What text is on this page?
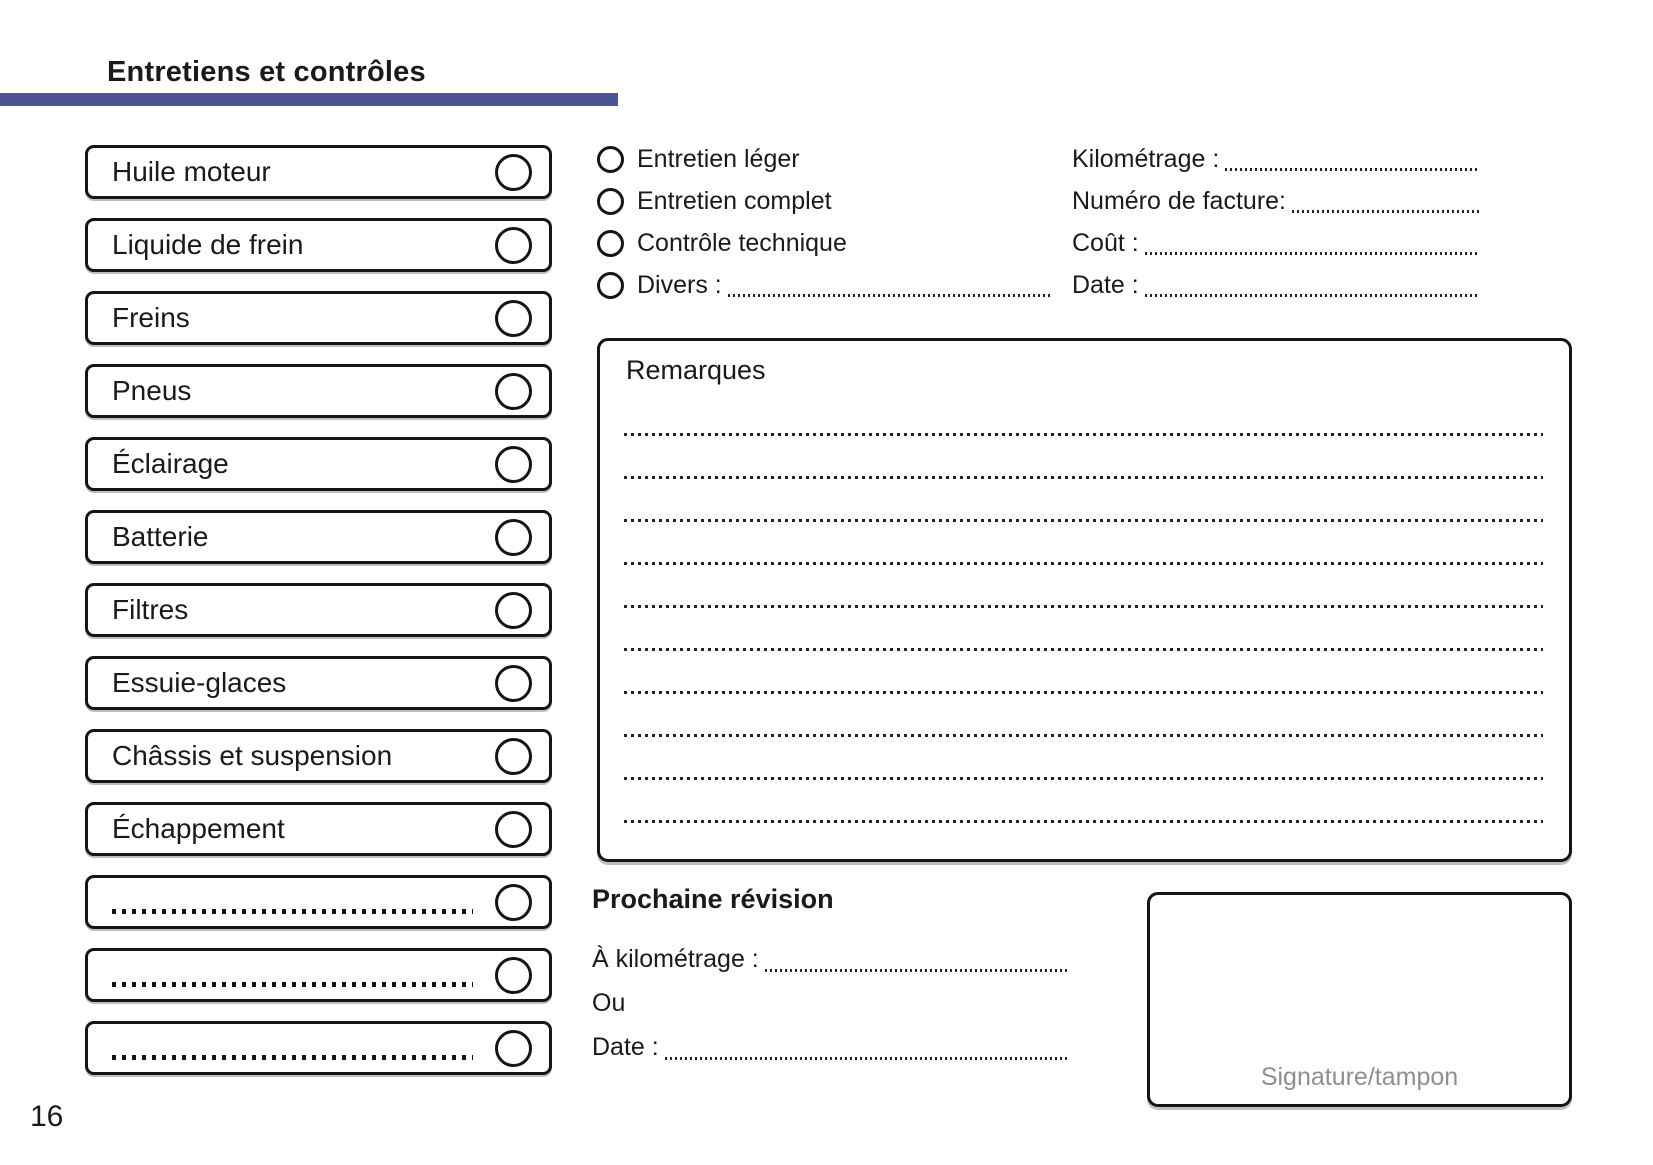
Entretiens et contrôles
Huile moteur
Liquide de frein
Freins
Pneus
Éclairage
Batterie
Filtres
Essuie-glaces
Châssis et suspension
Échappement
Entretien léger
Entretien complet
Contrôle technique
Divers :
Kilométrage :
Numéro de facture:
Coût :
Date :
Remarques
Prochaine révision
À kilométrage :
Ou
Date :
Signature/tampon
16
